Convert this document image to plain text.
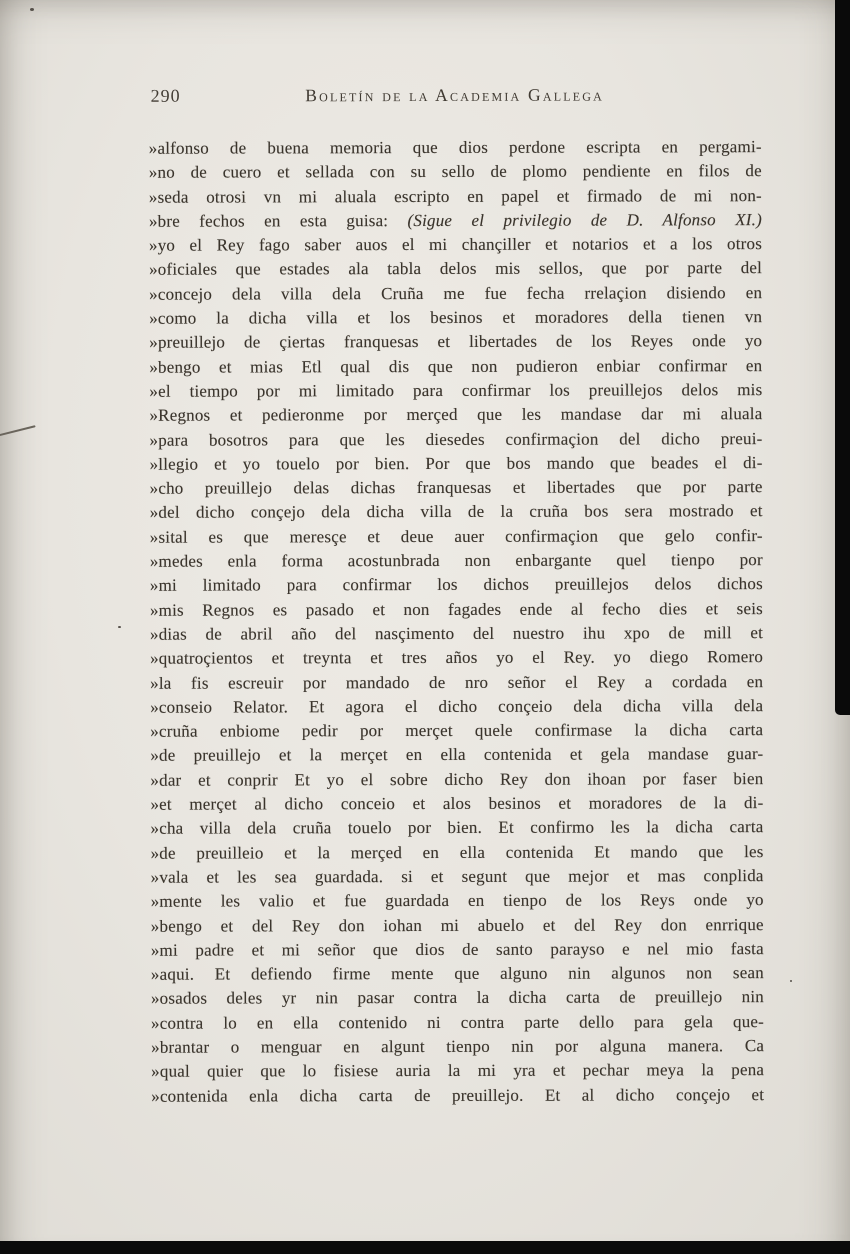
290	Boletín de la Academia Gallega
»alfonso de buena memoria que dios perdone escripta en pergami-
»no de cuero et sellada con su sello de plomo pendiente en filos de
»seda otrosi vn mi aluala escripto en papel et firmado de mi non-
»bre fechos en esta guisa: (Sigue el privilegio de D. Alfonso XI.)
»yo el Rey fago saber auos el mi chançiller et notarios et a los otros
»oficiales que estades ala tabla delos mis sellos, que por parte del
»concejo dela villa dela Cruña me fue fecha rrelaçion disiendo en
»como la dicha villa et los besinos et moradores della tienen vn
»preuillejo de çiertas franquesas et libertades de los Reyes onde yo
»bengo et mias Etl qual dis que non pudieron enbiar confirmar en
»el tiempo por mi limitado para confirmar los preuillejos delos mis
»Regnos et pedieronme por merçed que les mandase dar mi aluala
»para bosotros para que les diesedes confirmaçion del dicho preui-
»llegio et yo touelo por bien. Por que bos mando que beades el di-
»cho preuillejo delas dichas franquesas et libertades que por parte
»del dicho conçejo dela dicha villa de la cruña bos sera mostrado et
»sital es que meresçe et deue auer confirmaçion que gelo confir-
»medes enla forma acostunbrada non enbargante quel tienpo por
»mi limitado para confirmar los dichos preuillejos delos dichos
»mis Regnos es pasado et non fagades ende al fecho dies et seis
»dias de abril año del nasçimento del nuestro ihu xpo de mill et
»quatroçientos et treynta et tres años yo el Rey. yo diego Romero
»la fis escreuir por mandado de nro señor el Rey a cordada en
»conseio Relator. Et agora el dicho conçeio dela dicha villa dela
»cruña enbiome pedir por merçet quele confirmase la dicha carta
»de preuillejo et la merçet en ella contenida et gela mandase guar-
»dar et conprir Et yo el sobre dicho Rey don ihoan por faser bien
»et merçet al dicho conceio et alos besinos et moradores de la di-
»cha villa dela cruña touelo por bien. Et confirmo les la dicha carta
»de preuilleio et la merçed en ella contenida Et mando que les
»vala et les sea guardada. si et segunt que mejor et mas conplida
»mente les valio et fue guardada en tienpo de los Reys onde yo
»bengo et del Rey don iohan mi abuelo et del Rey don enrrique
»mi padre et mi señor que dios de santo parayso e nel mio fasta
»aqui. Et defiendo firme mente que alguno nin algunos non sean
»osados deles yr nin pasar contra la dicha carta de preuillejo nin
»contra lo en ella contenido ni contra parte dello para gela que-
»brantar o menguar en algunt tienpo nin por alguna manera. Ca
»qual quier que lo fisiese auria la mi yra et pechar meya la pena
»contenida enla dicha carta de preuillejo. Et al dicho conçejo et
